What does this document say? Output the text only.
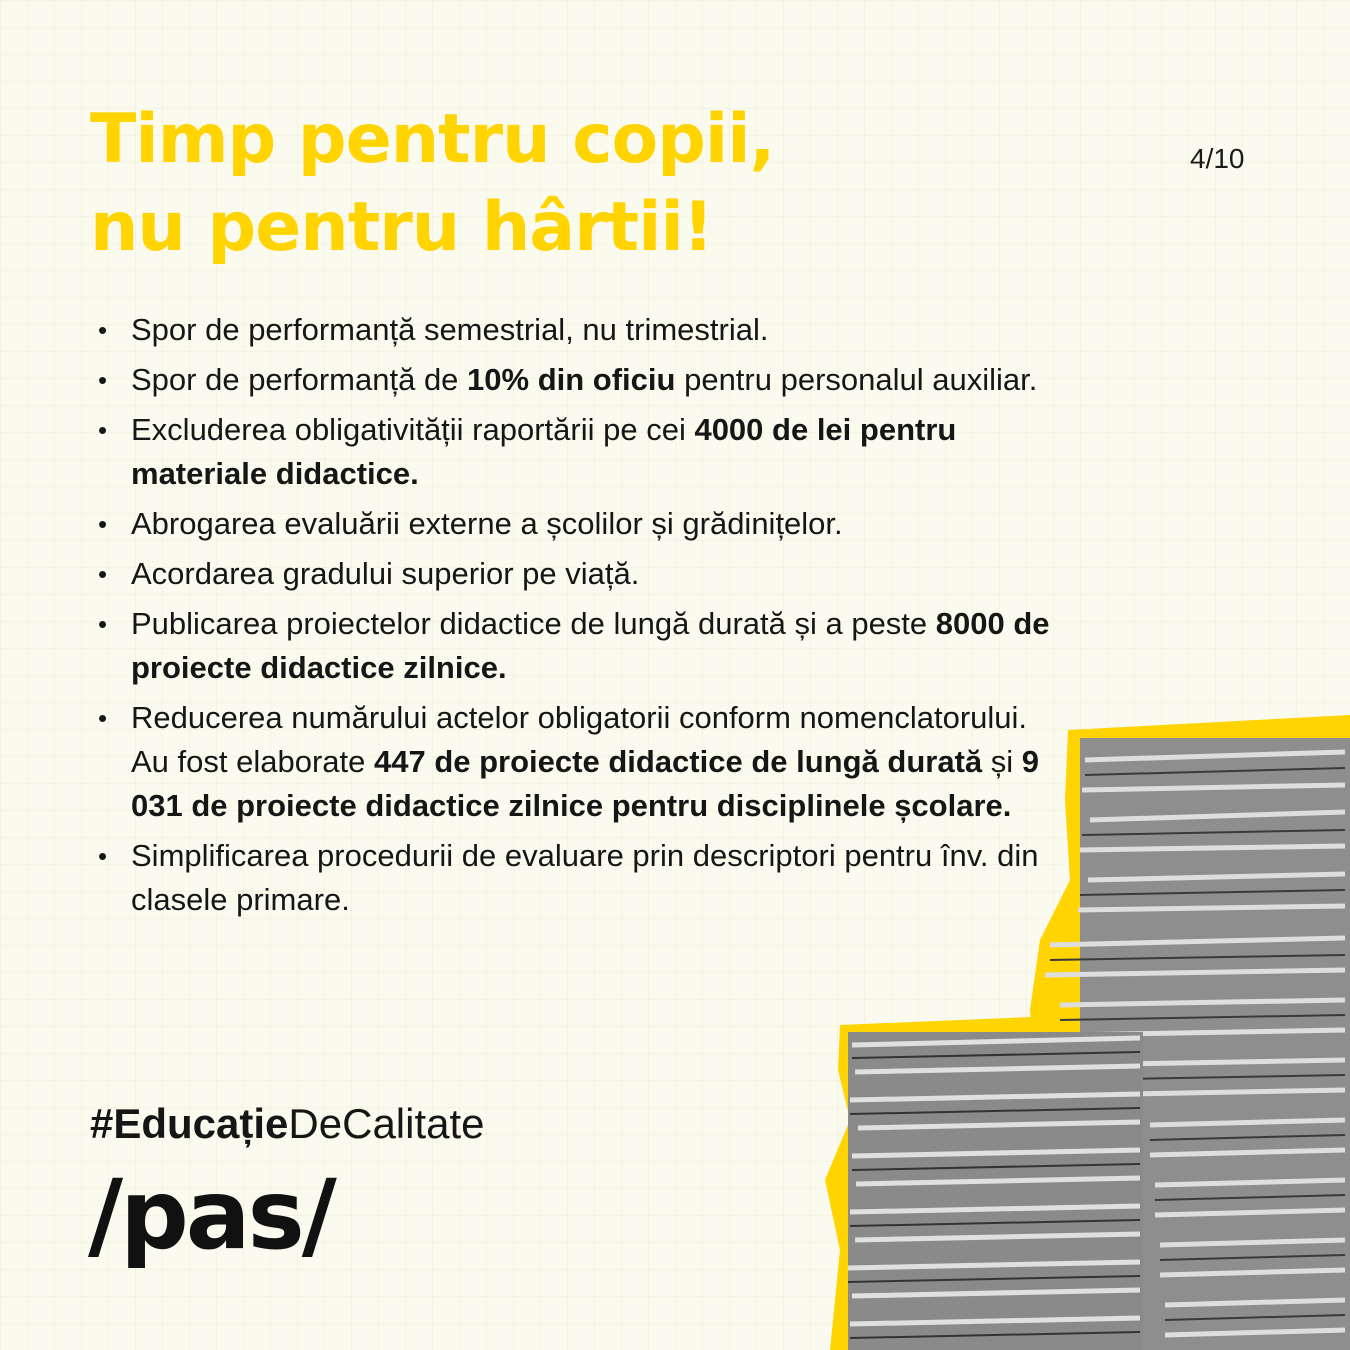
Timp pentru copii,
nu pentru hârtii!
4/10
• Spor de performanță semestrial, nu trimestrial.
• Spor de performanță de 10% din oficiu pentru personalul auxiliar.
• Excluderea obligativității raportării pe cei 4000 de lei pentru materiale didactice.
• Abrogarea evaluării externe a școlilor și grădinițelor.
• Acordarea gradului superior pe viață.
• Publicarea proiectelor didactice de lungă durată și a peste 8000 de proiecte didactice zilnice.
• Reducerea numărului actelor obligatorii conform nomenclatorului. Au fost elaborate 447 de proiecte didactice de lungă durată și 9 031 de proiecte didactice zilnice pentru disciplinele școlare.
• Simplificarea procedurii de evaluare prin descriptori pentru înv. din clasele primare.
#EducațieDeCalitate
/pas/
